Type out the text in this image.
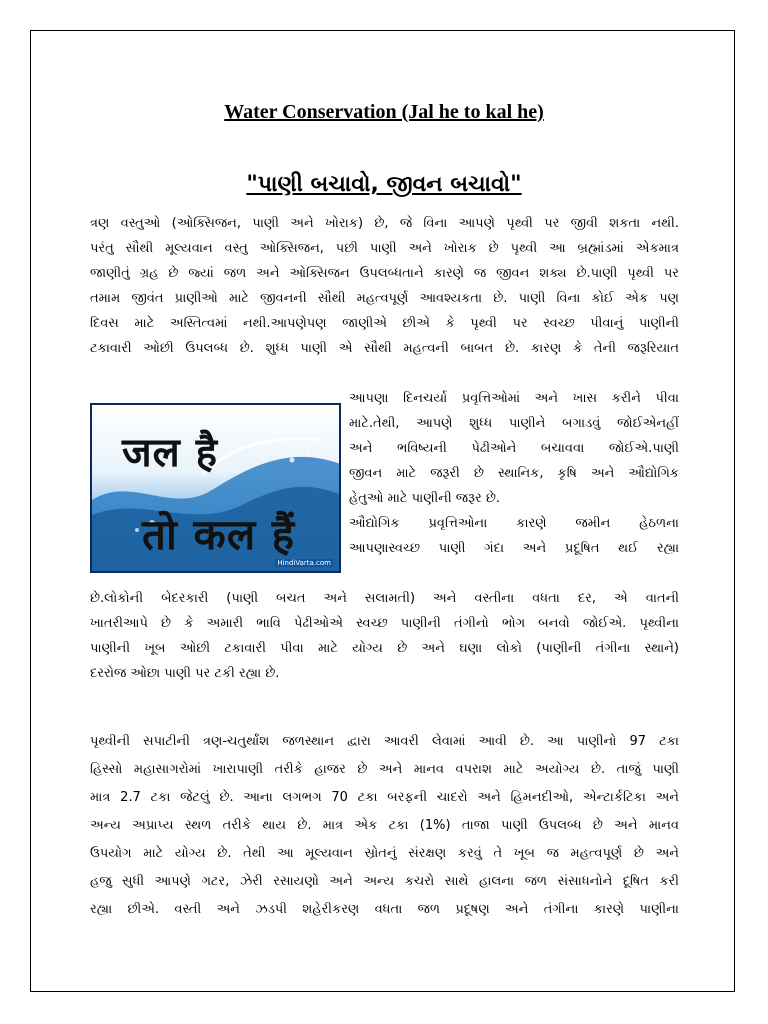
Water Conservation (Jal he to kal he)
"પાણી બચાવો, જીવન બચાવો"
ત્રણ વસ્તુઓ (ઓક્સિજન, પાણી અને ખોરાક) છે, જે વિના આપણે પૃથ્વી પર જીવી શકતા નથી.
પરંતુ સૌથી મૂલ્યવાન વસ્તુ ઓક્સિજન, પછી પાણી અને ખોરાક છે પૃથ્વી આ બ્રહ્માંડમાં એકમાત્ર
જાણીતું ગ્રહ છે જ્યાં જળ અને ઓક્સિજન ઉપલબ્ધતાને કારણે જ જીવન શક્ય છે.પાણી પૃથ્વી પર
તમામ જીવંત પ્રાણીઓ માટે જીવનની સૌથી મહત્વપૂર્ણ આવશ્યકતા છે. પાણી વિના કોઈ એક પણ
દિવસ માટે અસ્તિત્વમાં નથી.આપણેપણ જાણીએ છીએ કે પૃથ્વી પર સ્વચ્છ પીવાનું પાણીની
ટકાવારી ઓછી ઉપલબ્ધ છે. શુધ્ધ પાણી એ સૌથી મહત્વની બાબત છે. કારણ કે તેની જરૂરિયાત
जल है
तो कल हैं
HindiVarta.com
આપણા દિનચર્યા પ્રવૃત્તિઓમાં અને ખાસ કરીને પીવા
માટે.તેથી, આપણે શુધ્ધ પાણીને બગાડવું જોઈએનહીં
અને ભવિષ્યની પેઢીઓને બચાવવા જોઈએ.પાણી
જીવન માટે જરૂરી છે સ્થાનિક, કૃષિ અને ઔદ્યોગિક
હેતુઓ માટે પાણીની જરૂર છે.
ઔદ્યોગિક પ્રવૃત્તિઓના કારણે જમીન હેઠળના
આપણાસ્વચ્છ પાણી ગંદા અને પ્રદૂષિત થઈ રહ્યા
છે.લોકોની બેદરકારી (પાણી બચત અને સલામતી) અને વસ્તીના વધતા દર, એ વાતની
ખાતરીઆપે છે કે અમારી ભાવિ પેઢીઓએ સ્વચ્છ પાણીની તંગીનો ભોગ બનવો જોઈએ. પૃથ્વીના
પાણીની ખૂબ ઓછી ટકાવારી પીવા માટે યોગ્ય છે અને ઘણા લોકો (પાણીની તંગીના સ્થાને)
દરરોજ ઓછા પાણી પર ટકી રહ્યા છે.
પૃથ્વીની સપાટીની ત્રણ-ચતુર્થાંશ જળસ્થાન દ્વારા આવરી લેવામાં આવી છે. આ પાણીનો 97 ટકા
હિસ્સો મહાસાગરોમાં ખારાપાણી તરીકે હાજર છે અને માનવ વપરાશ માટે અયોગ્ય છે. તાજું પાણી
માત્ર 2.7 ટકા જેટલું છે. આના લગભગ 70 ટકા બરફની ચાદરો અને હિમનદીઓ, એન્ટાર્કટિકા અને
અન્ય અપ્રાપ્ય સ્થળ તરીકે થાય છે. માત્ર એક ટકા (1%) તાજા પાણી ઉપલબ્ધ છે અને માનવ
ઉપયોગ માટે યોગ્ય છે. તેથી આ મૂલ્યવાન સ્રોતનું સંરક્ષણ કરવું તે ખૂબ જ મહત્વપૂર્ણ છે અને
હજુ સુધી આપણે ગટર, ઝેરી રસાયણો અને અન્ય કચરો સાથે હાલના જળ સંસાધનોને દૂષિત કરી
રહ્યા છીએ. વસ્તી અને ઝડપી શહેરીકરણ વધતા જળ પ્રદૂષણ અને તંગીના કારણે પાણીના
